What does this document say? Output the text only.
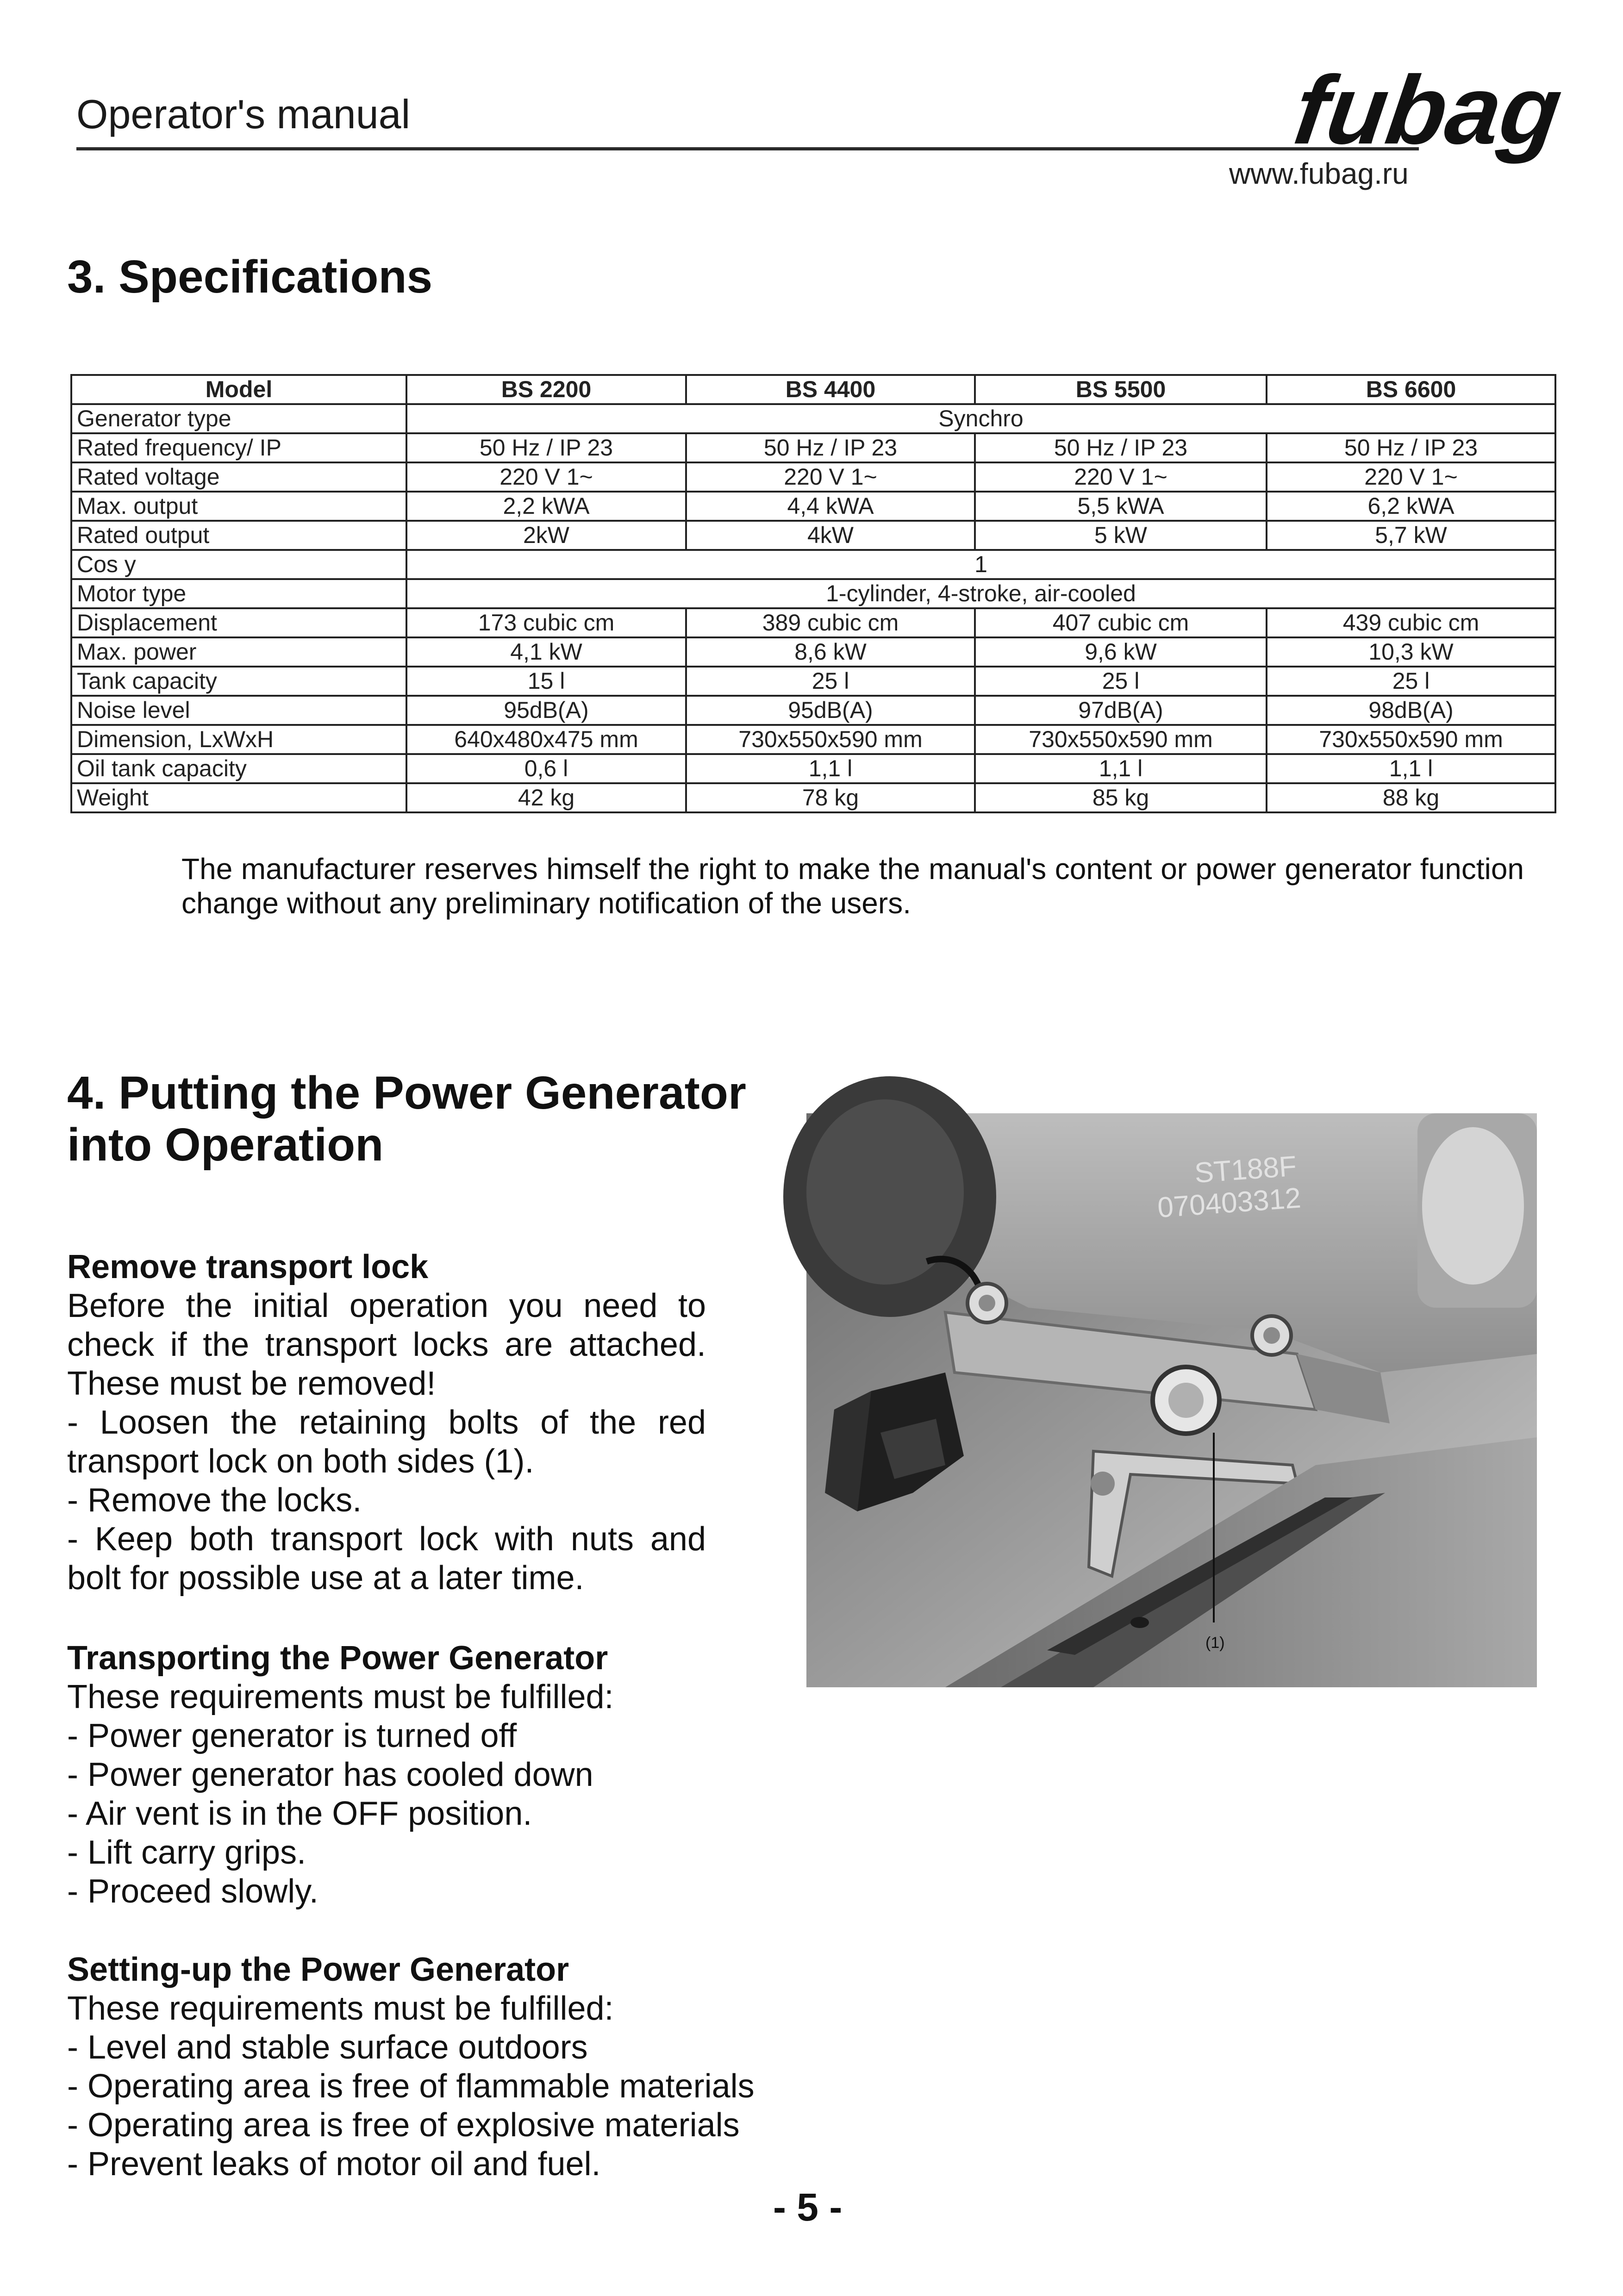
Operator's manual	fubag
www.fubag.ru
3. Specifications
Model	BS 2200	BS 4400	BS 5500	BS 6600
Generator type	Synchro			
Rated frequency/ IP	50 Hz / IP 23	50 Hz / IP 23	50 Hz / IP 23	50 Hz / IP 23
Rated voltage	220 V 1~	220 V 1~	220 V 1~	220 V 1~
Max. output	2,2 kWA	4,4 kWA	5,5 kWA	6,2 kWA
Rated output	2kW	4kW	5 kW	5,7 kW
Cos y	1			
Motor type	1-cylinder, 4-stroke, air-cooled			
Displacement	173 cubic cm	389 cubic cm	407 cubic cm	439 cubic cm
Max. power	4,1 kW	8,6 kW	9,6 kW	10,3 kW
Tank capacity	15 l	25 l	25 l	25 l
Noise level	95dB(A)	95dB(A)	97dB(A)	98dB(A)
Dimension, LxWxH	640x480x475 mm	730x550x590 mm	730x550x590 mm	730x550x590 mm
Oil tank capacity	0,6 l	1,1 l	1,1 l	1,1 l
Weight	42 kg	78 kg	85 kg	88 kg
The manufacturer reserves himself the right to make the manual's content or power generator function change without any preliminary notification of the users.
4. Putting the Power Generator into Operation
Remove transport lock
Before the initial operation you need to check if the transport locks are attached. These must be removed!
- Loosen the retaining bolts of the red transport lock on both sides (1).
- Remove the locks.
- Keep both transport lock with nuts and bolt for possible use at a later time.
Transporting the Power Generator
These requirements must be fulfilled:
- Power generator is turned off
- Power generator has cooled down
- Air vent is in the OFF position.
- Lift carry grips.
- Proceed slowly.
Setting-up the Power Generator
These requirements must be fulfilled:
- Level and stable surface outdoors
- Operating area is free of flammable materials
- Operating area is free of explosive materials
- Prevent leaks of motor oil and fuel.
ST188F
070403312
(1)
- 5 -
